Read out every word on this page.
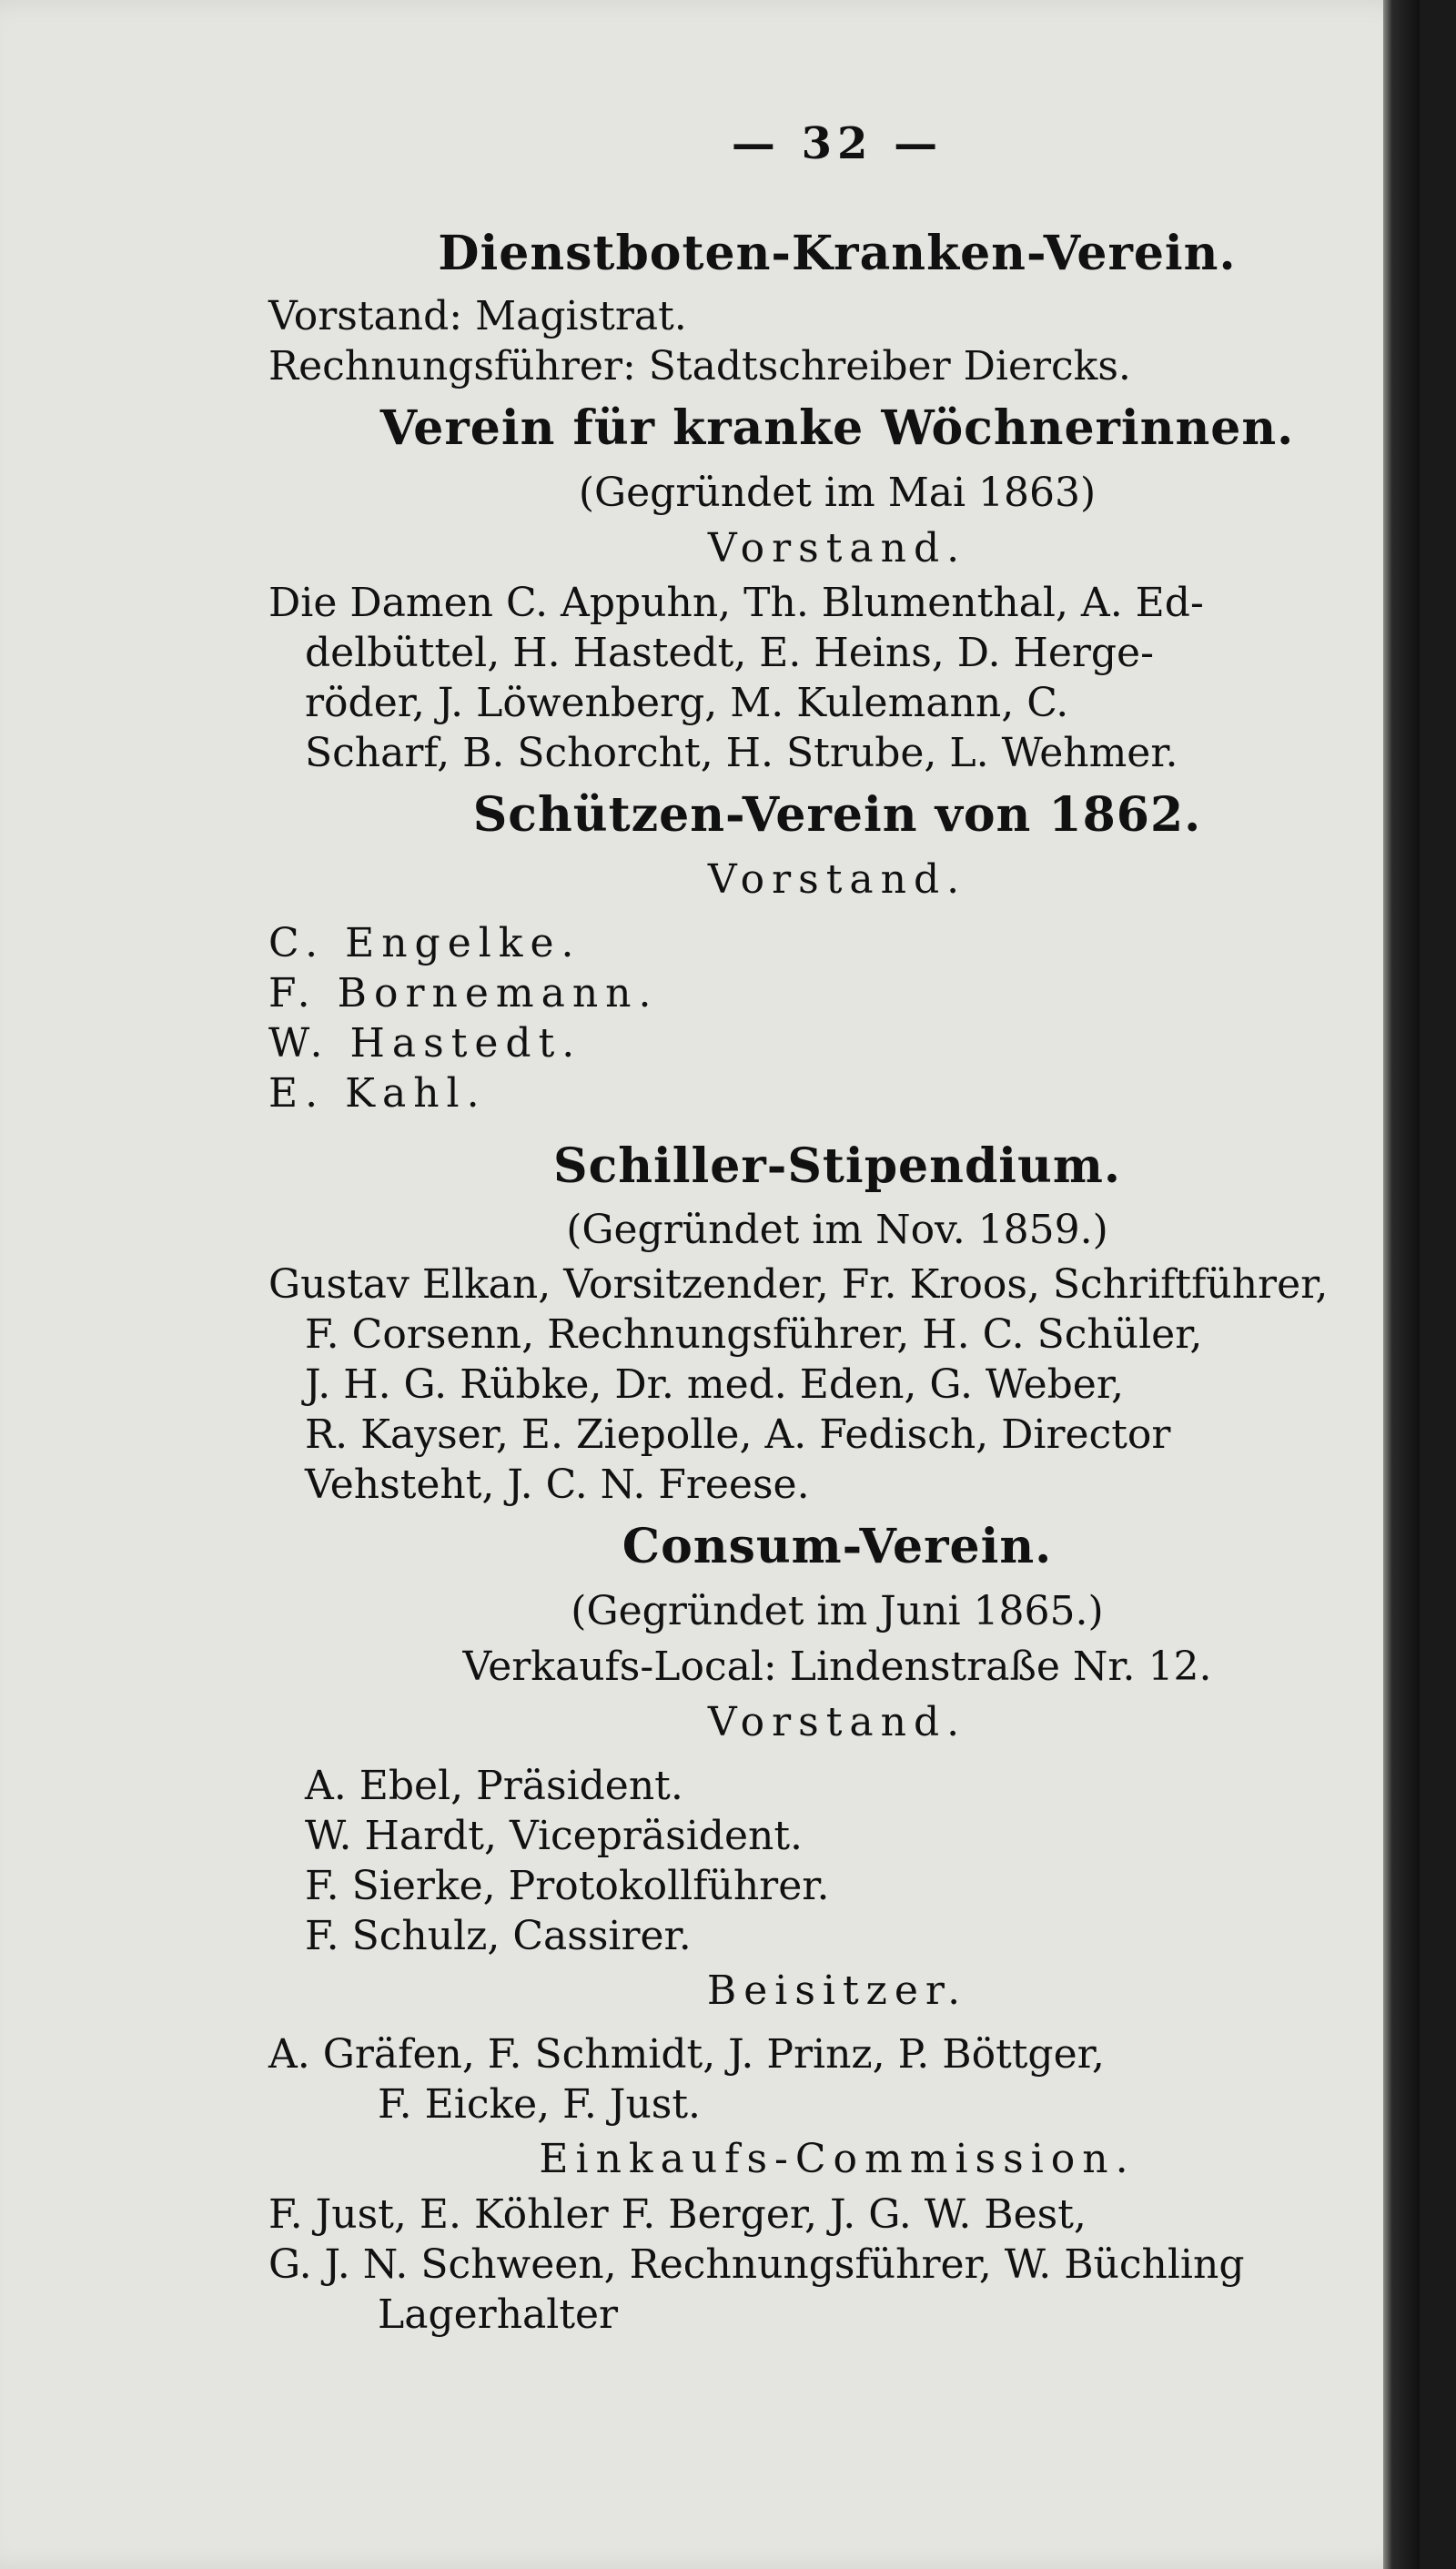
— 32 —
Dienstboten-Kranken-Verein.
Vorstand: Magistrat.
Rechnungsführer: Stadtschreiber Diercks.
Verein für kranke Wöchnerinnen.
(Gegründet im Mai 1863)
Vorstand.
Die Damen C. Appuhn, Th. Blumenthal, A. Ed-
delbüttel, H. Hastedt, E. Heins, D. Herge-
röder, J. Löwenberg, M. Kulemann, C.
Scharf, B. Schorcht, H. Strube, L. Wehmer.
Schützen-Verein von 1862.
Vorstand.
C. Engelke.
F. Bornemann.
W. Hastedt.
E. Kahl.
Schiller-Stipendium.
(Gegründet im Nov. 1859.)
Gustav Elkan, Vorsitzender, Fr. Kroos, Schriftführer,
F. Corsenn, Rechnungsführer, H. C. Schüler,
J. H. G. Rübke, Dr. med. Eden, G. Weber,
R. Kayser, E. Ziepolle, A. Fedisch, Director
Vehsteht, J. C. N. Freese.
Consum-Verein.
(Gegründet im Juni 1865.)
Verkaufs-Local: Lindenstraße Nr. 12.
Vorstand.
A. Ebel, Präsident.
W. Hardt, Vicepräsident.
F. Sierke, Protokollführer.
F. Schulz, Cassirer.
Beisitzer.
A. Gräfen, F. Schmidt, J. Prinz, P. Böttger,
F. Eicke, F. Just.
Einkaufs-Commission.
F. Just, E. Köhler F. Berger, J. G. W. Best,
G. J. N. Schween, Rechnungsführer, W. Büchling
Lagerhalter
